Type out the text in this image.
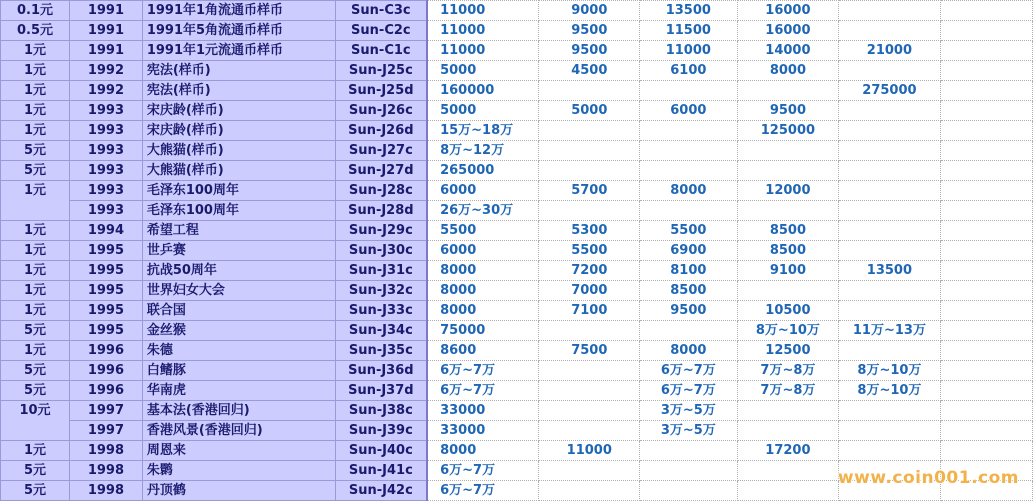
0.1元	1991	1991年1角流通币样币	Sun-C3c	11000	9000	13500	16000		
0.5元	1991	1991年5角流通币样币	Sun-C2c	11000	9500	11500	16000		
1元	1991	1991年1元流通币样币	Sun-C1c	11000	9500	11000	14000	21000	
1元	1992	宪法(样币)	Sun-J25c	5000	4500	6100	8000		
1元	1992	宪法(样币)	Sun-J25d	160000				275000	
1元	1993	宋庆龄(样币)	Sun-J26c	5000	5000	6000	9500		
1元	1993	宋庆龄(样币)	Sun-J26d	15万~18万			125000		
5元	1993	大熊猫(样币)	Sun-J27c	8万~12万					
5元	1993	大熊猫(样币)	Sun-J27d	265000					
1元	1993	毛泽东100周年	Sun-J28c	6000	5700	8000	12000		
	1993	毛泽东100周年	Sun-J28d	26万~30万					
1元	1994	希望工程	Sun-J29c	5500	5300	5500	8500		
1元	1995	世乒赛	Sun-J30c	6000	5500	6900	8500		
1元	1995	抗战50周年	Sun-J31c	8000	7200	8100	9100	13500	
1元	1995	世界妇女大会	Sun-J32c	8000	7000	8500			
1元	1995	联合国	Sun-J33c	8000	7100	9500	10500		
5元	1995	金丝猴	Sun-J34c	75000			8万~10万	11万~13万	
1元	1996	朱德	Sun-J35c	8600	7500	8000	12500		
5元	1996	白鳍豚	Sun-J36d	6万~7万		6万~7万	7万~8万	8万~10万	
5元	1996	华南虎	Sun-J37d	6万~7万		6万~7万	7万~8万	8万~10万	
10元	1997	基本法(香港回归)	Sun-J38c	33000		3万~5万			
	1997	香港风景(香港回归)	Sun-J39c	33000		3万~5万			
1元	1998	周恩来	Sun-J40c	8000	11000		17200		
5元	1998	朱鹮	Sun-J41c	6万~7万					
5元	1998	丹顶鹤	Sun-J42c	6万~7万					
www.coin001.com
